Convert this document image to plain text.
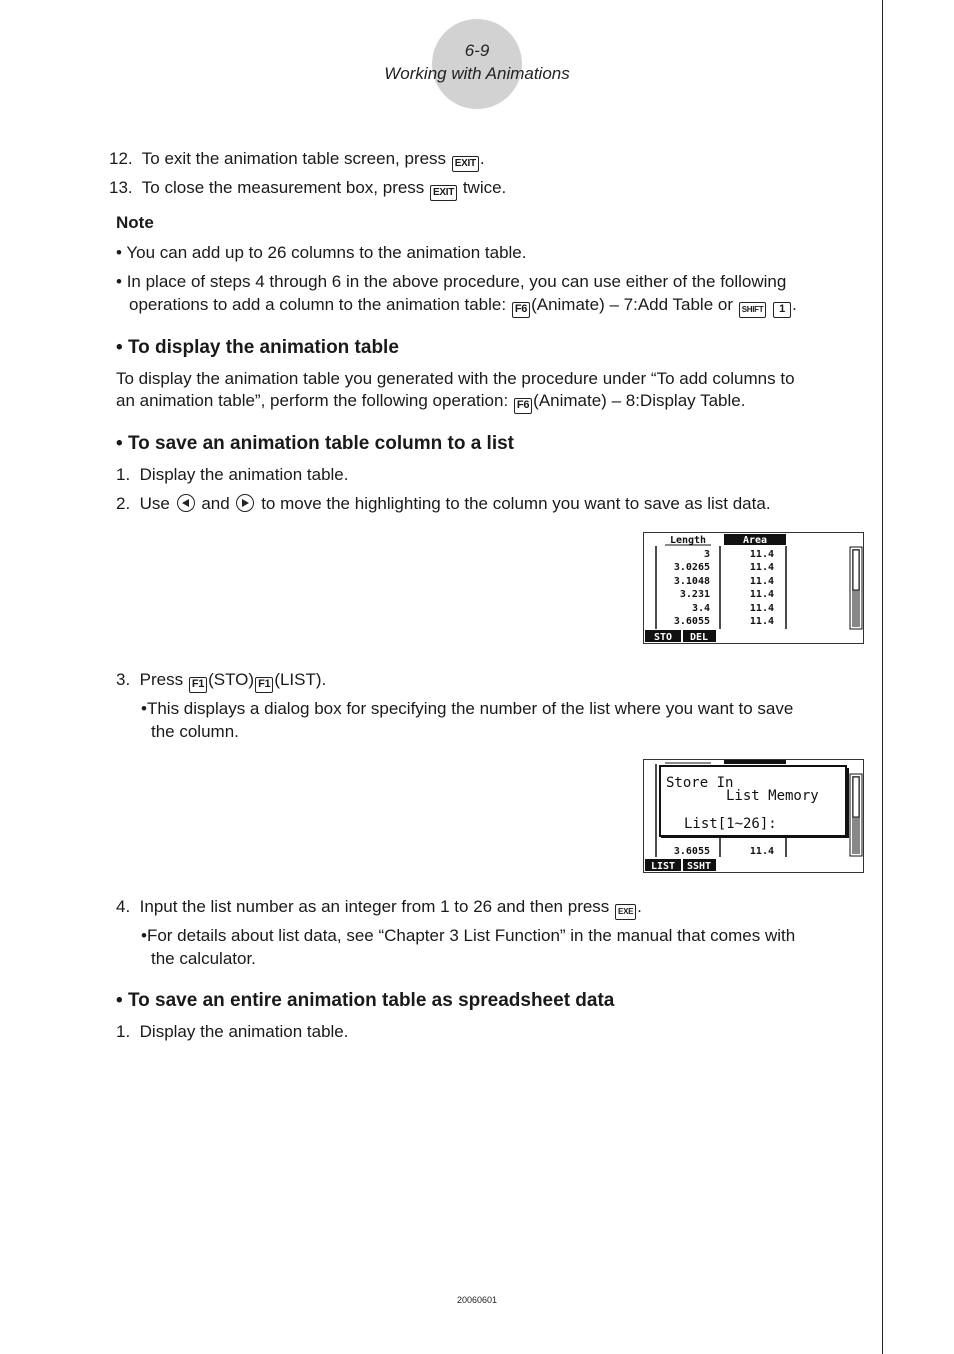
6-9
Working with Animations
12. To exit the animation table screen, press EXIT .
13. To close the measurement box, press EXIT twice.
Note
• You can add up to 26 columns to the animation table.
• In place of steps 4 through 6 in the above procedure, you can use either of the following
operations to add a column to the animation table: F6 (Animate) – 7:Add Table or SHIFT 1 .
• To display the animation table
To display the animation table you generated with the procedure under “To add columns to
an animation table”, perform the following operation: F6 (Animate) – 8:Display Table.
• To save an animation table column to a list
1. Display the animation table.
2. Use and to move the highlighting to the column you want to save as list data.
Length	Area
3
3.0265
3.1048
3.231
3.4
3.6055
11.4
11.4
11.4
11.4
11.4
11.4
STO DEL
3. Press F1 (STO) F1 (LIST).
•This displays a dialog box for specifying the number of the list where you want to save
the column.
3.6055	11.4
Store In
List Memory
List[1~26]:
LIST SSHT
4. Input the list number as an integer from 1 to 26 and then press EXE .
•For details about list data, see “Chapter 3 List Function” in the manual that comes with
the calculator.
• To save an entire animation table as spreadsheet data
1. Display the animation table.
20060601
